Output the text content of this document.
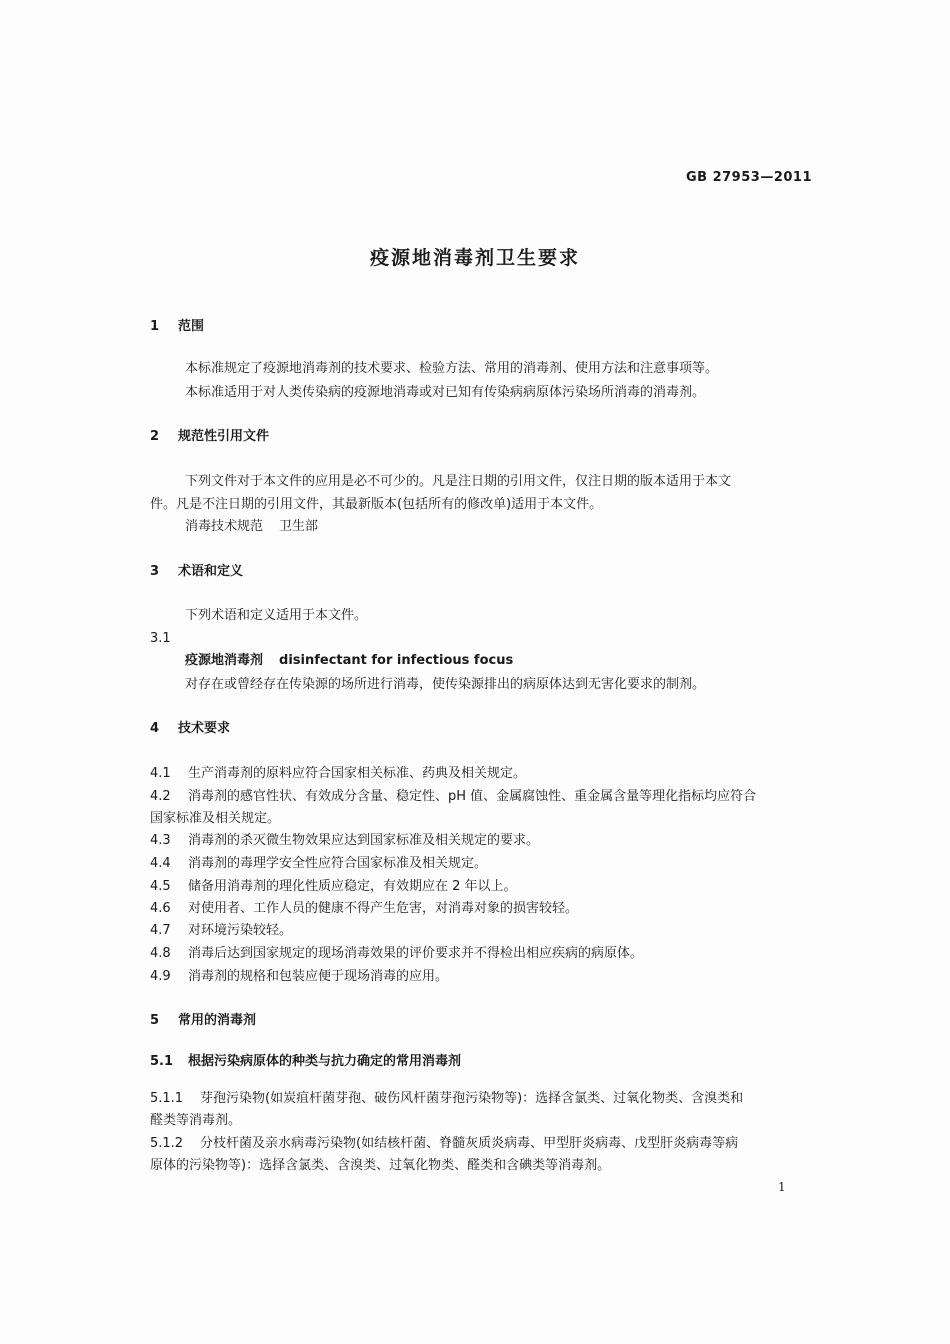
GB 27953—2011
疫源地消毒剂卫生要求
1 范围
本标准规定了疫源地消毒剂的技术要求、检验方法、常用的消毒剂、使用方法和注意事项等。
本标准适用于对人类传染病的疫源地消毒或对已知有传染病病原体污染场所消毒的消毒剂。
2 规范性引用文件
下列文件对于本文件的应用是必不可少的。凡是注日期的引用文件，仅注日期的版本适用于本文
件。凡是不注日期的引用文件，其最新版本(包括所有的修改单)适用于本文件。
消毒技术规范 卫生部
3 术语和定义
下列术语和定义适用于本文件。
3.1
疫源地消毒剂 disinfectant for infectious focus
对存在或曾经存在传染源的场所进行消毒，使传染源排出的病原体达到无害化要求的制剂。
4 技术要求
4.1 生产消毒剂的原料应符合国家相关标准、药典及相关规定。
4.2 消毒剂的感官性状、有效成分含量、稳定性、pH 值、金属腐蚀性、重金属含量等理化指标均应符合
国家标准及相关规定。
4.3 消毒剂的杀灭微生物效果应达到国家标准及相关规定的要求。
4.4 消毒剂的毒理学安全性应符合国家标准及相关规定。
4.5 储备用消毒剂的理化性质应稳定，有效期应在 2 年以上。
4.6 对使用者、工作人员的健康不得产生危害，对消毒对象的损害较轻。
4.7 对环境污染较轻。
4.8 消毒后达到国家规定的现场消毒效果的评价要求并不得检出相应疾病的病原体。
4.9 消毒剂的规格和包装应便于现场消毒的应用。
5 常用的消毒剂
5.1 根据污染病原体的种类与抗力确定的常用消毒剂
5.1.1 芽孢污染物(如炭疽杆菌芽孢、破伤风杆菌芽孢污染物等)：选择含氯类、过氧化物类、含溴类和
醛类等消毒剂。
5.1.2 分枝杆菌及亲水病毒污染物(如结核杆菌、脊髓灰质炎病毒、甲型肝炎病毒、戊型肝炎病毒等病
原体的污染物等)：选择含氯类、含溴类、过氧化物类、醛类和含碘类等消毒剂。
1
